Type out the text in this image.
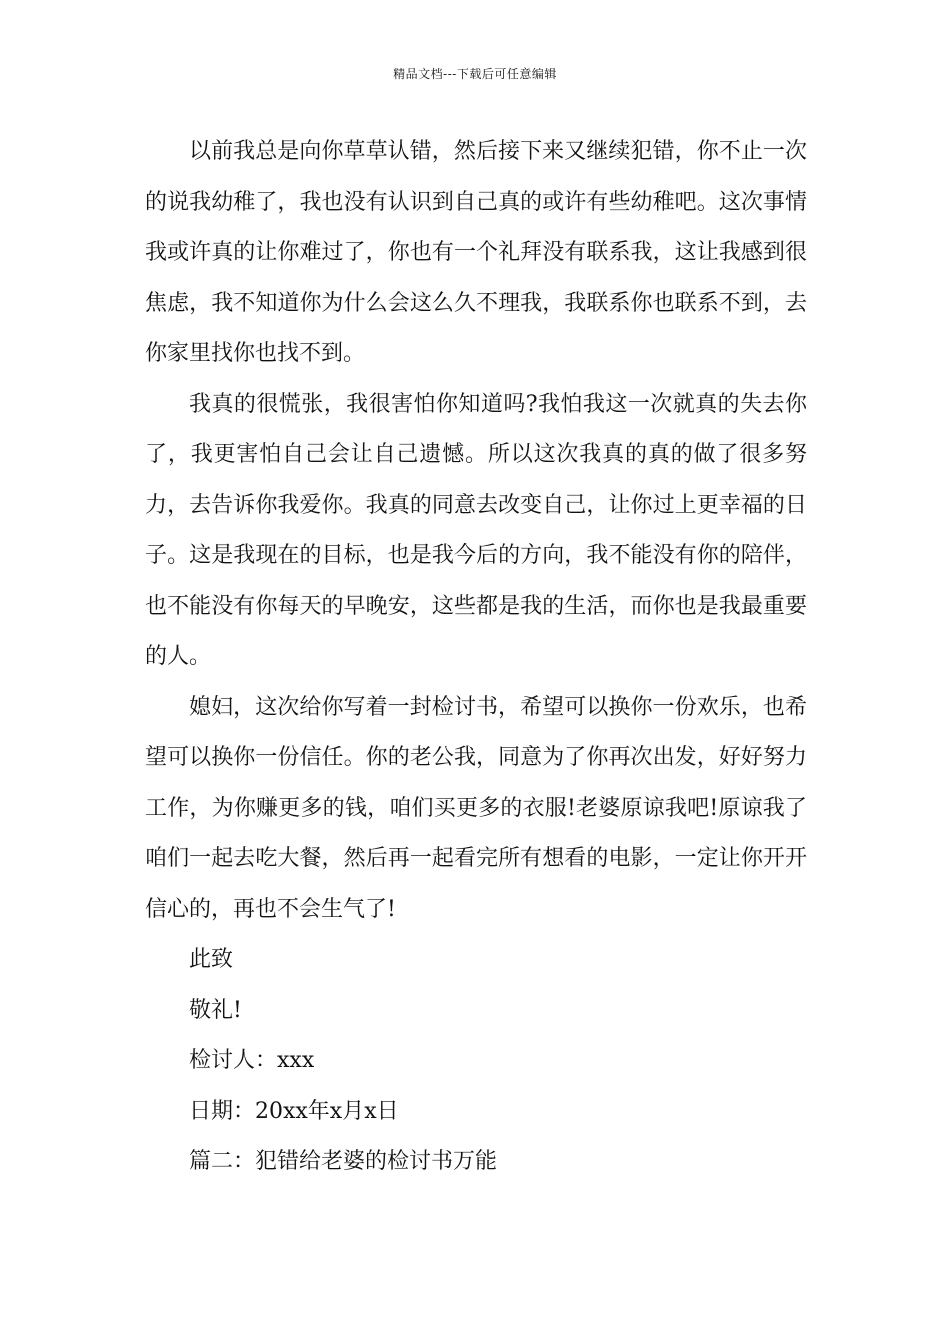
精品文档---下载后可任意编辑

以前我总是向你草草认错，然后接下来又继续犯错，你不止一次的说我幼稚了，我也没有认识到自己真的或许有些幼稚吧。这次事情我或许真的让你难过了，你也有一个礼拜没有联系我，这让我感到很焦虑，我不知道你为什么会这么久不理我，我联系你也联系不到，去你家里找你也找不到。

我真的很慌张，我很害怕你知道吗?我怕我这一次就真的失去你了，我更害怕自己会让自己遗憾。所以这次我真的真的做了很多努力，去告诉你我爱你。我真的同意去改变自己，让你过上更幸福的日子。这是我现在的目标，也是我今后的方向，我不能没有你的陪伴，也不能没有你每天的早晚安，这些都是我的生活，而你也是我最重要的人。

媳妇，这次给你写着一封检讨书，希望可以换你一份欢乐，也希望可以换你一份信任。你的老公我，同意为了你再次出发，好好努力工作，为你赚更多的钱，咱们买更多的衣服!老婆原谅我吧!原谅我了咱们一起去吃大餐，然后再一起看完所有想看的电影，一定让你开开信心的，再也不会生气了!

此致

敬礼!

检讨人：xxx

日期：20xx年x月x日

篇二：犯错给老婆的检讨书万能
